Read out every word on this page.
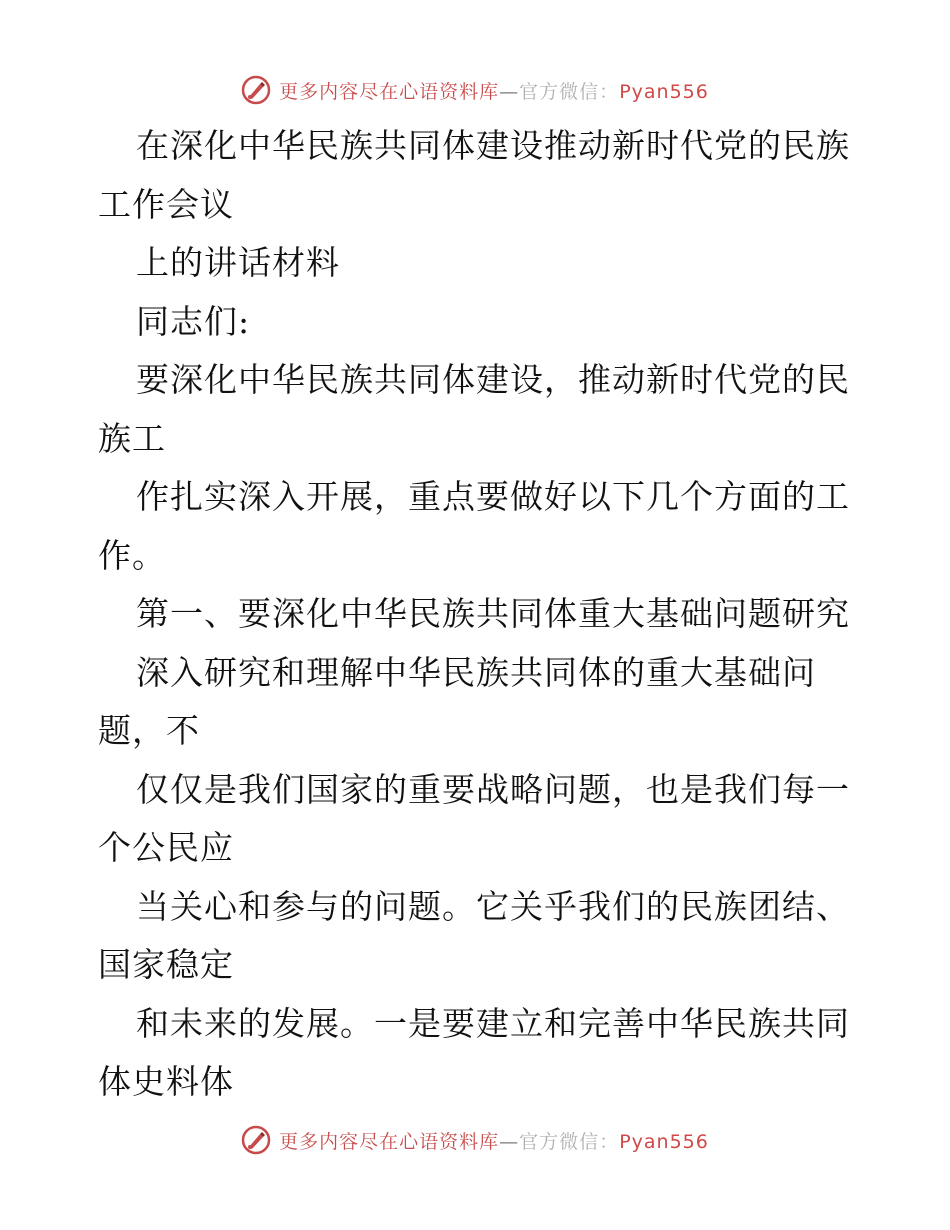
更多内容尽在心语资料库—官方微信：Pyan556
在深化中华民族共同体建设推动新时代党的民族
工作会议
上的讲话材料
同志们:
要深化中华民族共同体建设，推动新时代党的民
族工
作扎实深入开展，重点要做好以下几个方面的工
作。
第一、要深化中华民族共同体重大基础问题研究
深入研究和理解中华民族共同体的重大基础问
题，不
仅仅是我们国家的重要战略问题，也是我们每一
个公民应
当关心和参与的问题。它关乎我们的民族团结、
国家稳定
和未来的发展。一是要建立和完善中华民族共同
体史料体
更多内容尽在心语资料库—官方微信：Pyan556
